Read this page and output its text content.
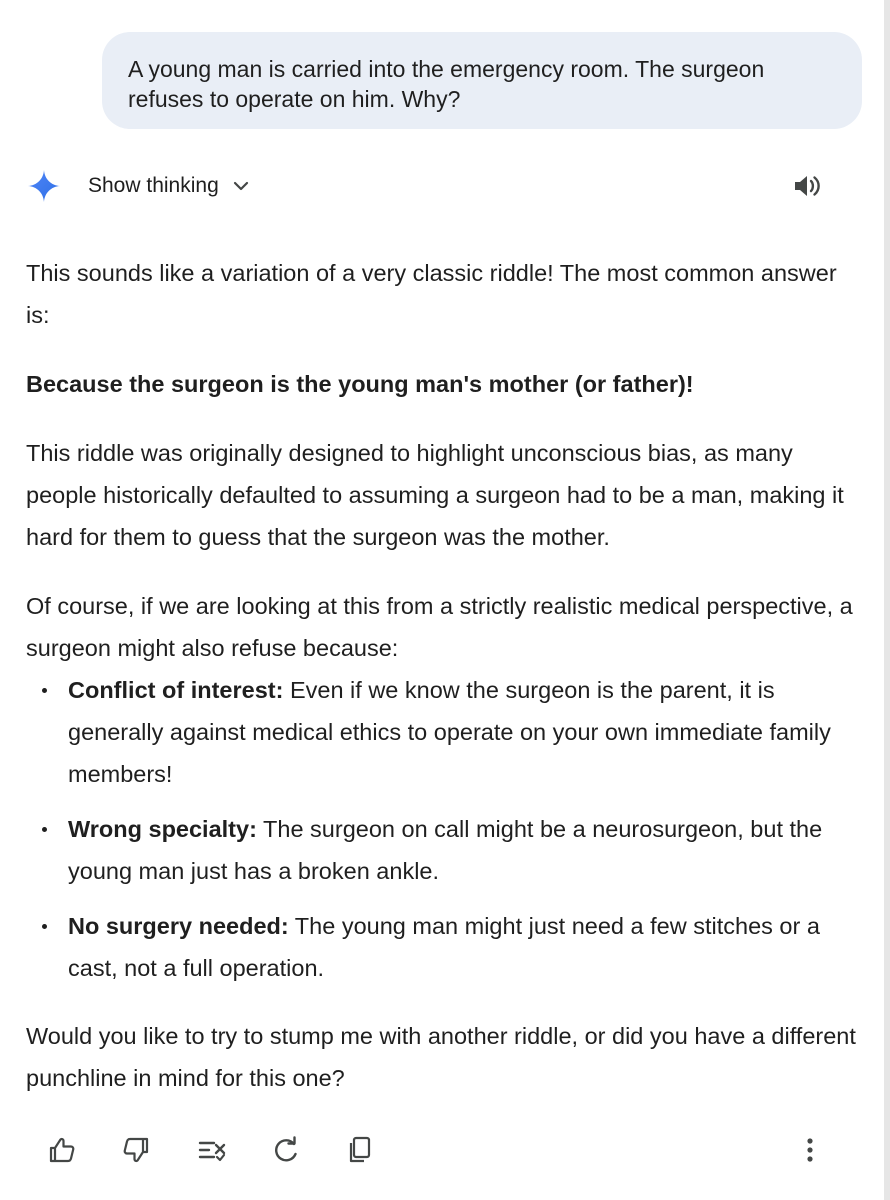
A young man is carried into the emergency room. The surgeon refuses to operate on him. Why?
Show thinking

This sounds like a variation of a very classic riddle! The most common answer is:

Because the surgeon is the young man's mother (or father)!

This riddle was originally designed to highlight unconscious bias, as many people historically defaulted to assuming a surgeon had to be a man, making it hard for them to guess that the surgeon was the mother.

Of course, if we are looking at this from a strictly realistic medical perspective, a surgeon might also refuse because:

Conflict of interest: Even if we know the surgeon is the parent, it is generally against medical ethics to operate on your own immediate family members!
Wrong specialty: The surgeon on call might be a neurosurgeon, but the young man just has a broken ankle.
No surgery needed: The young man might just need a few stitches or a cast, not a full operation.

Would you like to try to stump me with another riddle, or did you have a different punchline in mind for this one?
